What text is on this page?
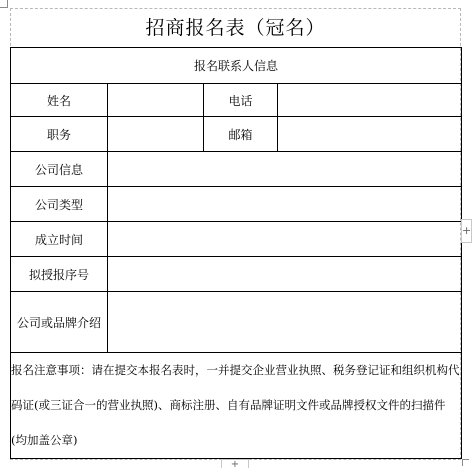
招商报名表（冠名）
报名联系人信息			
姓名		电话	
职务		邮箱	
公司信息			
公司类型			
成立时间			
拟授报序号			
公司或品牌介绍			
报名注意事项：请在提交本报名表时，一并提交企业营业执照、税务登记证和组织机构代码证(或三证合一的营业执照)、商标注册、自有品牌证明文件或品牌授权文件的扫描件(均加盖公章)			
+
+
